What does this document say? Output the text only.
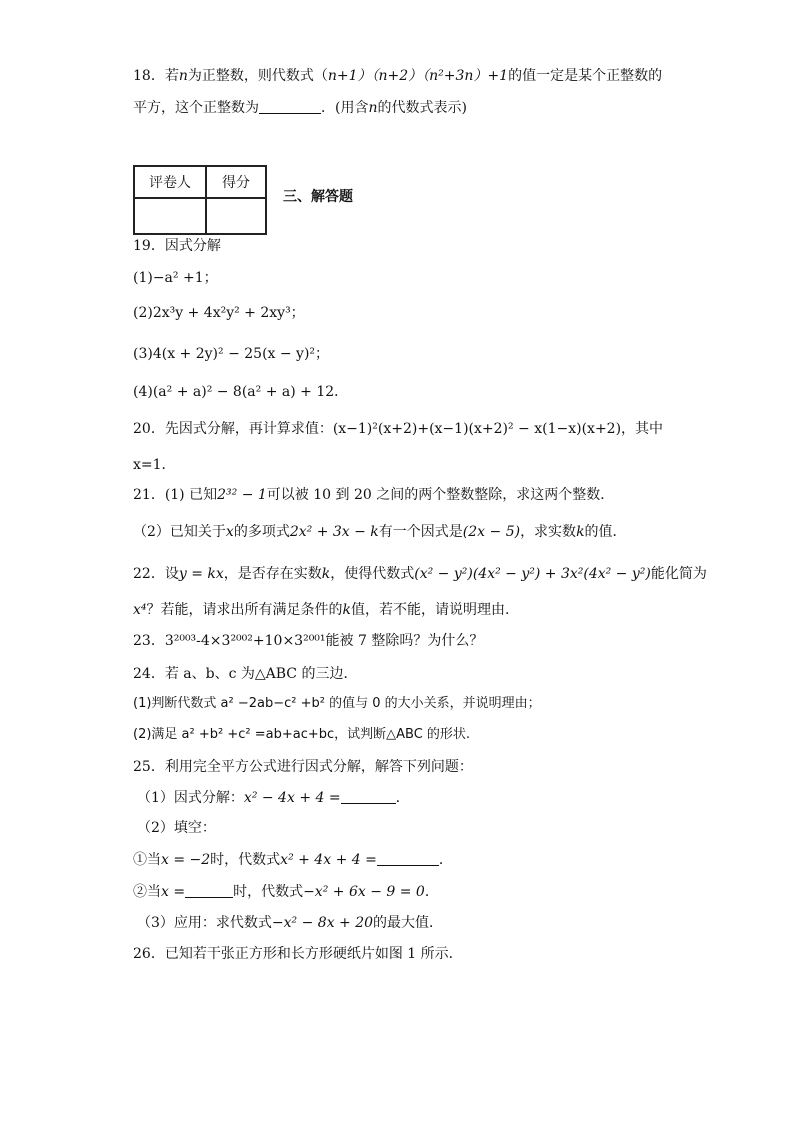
18．若n为正整数，则代数式（n+1）（n+2）（n²+3n）+1的值一定是某个正整数的
平方，这个正整数为	．(用含n的代数式表示)
评卷人	得分

三、解答题
19．因式分解
(1)−a² +1；
(2)2x³y + 4x²y² + 2xy³；
(3)4(x + 2y)² − 25(x − y)²；
(4)(a² + a)² − 8(a² + a) + 12．
20．先因式分解，再计算求值：(x−1)²(x+2)+(x−1)(x+2)² − x(1−x)(x+2)，其中
x=1．
21．(1) 已知2³² − 1可以被 10 到 20 之间的两个整数整除，求这两个整数．
（2）已知关于x的多项式2x² + 3x − k有一个因式是(2x − 5)，求实数k的值．
22．设y = kx，是否存在实数k，使得代数式(x² − y²)(4x² − y²) + 3x²(4x² − y²)能化简为
x⁴？若能，请求出所有满足条件的k值，若不能，请说明理由.
23．3²⁰⁰³-4×3²⁰⁰²+10×3²⁰⁰¹能被 7 整除吗？为什么？
24．若 a、b、c 为△ABC 的三边．
(1)判断代数式 a² −2ab−c² +b² 的值与 0 的大小关系，并说明理由；
(2)满足 a² +b² +c² =ab+ac+bc，试判断△ABC 的形状.
25．利用完全平方公式进行因式分解，解答下列问题：
（1）因式分解：x² − 4x + 4 =	.
（2）填空：
①当x = −2时，代数式x² + 4x + 4 =	．
②当x =	时，代数式−x² + 6x − 9 = 0．
（3）应用：求代数式−x² − 8x + 20的最大值．
26．已知若干张正方形和长方形硬纸片如图 1 所示．
